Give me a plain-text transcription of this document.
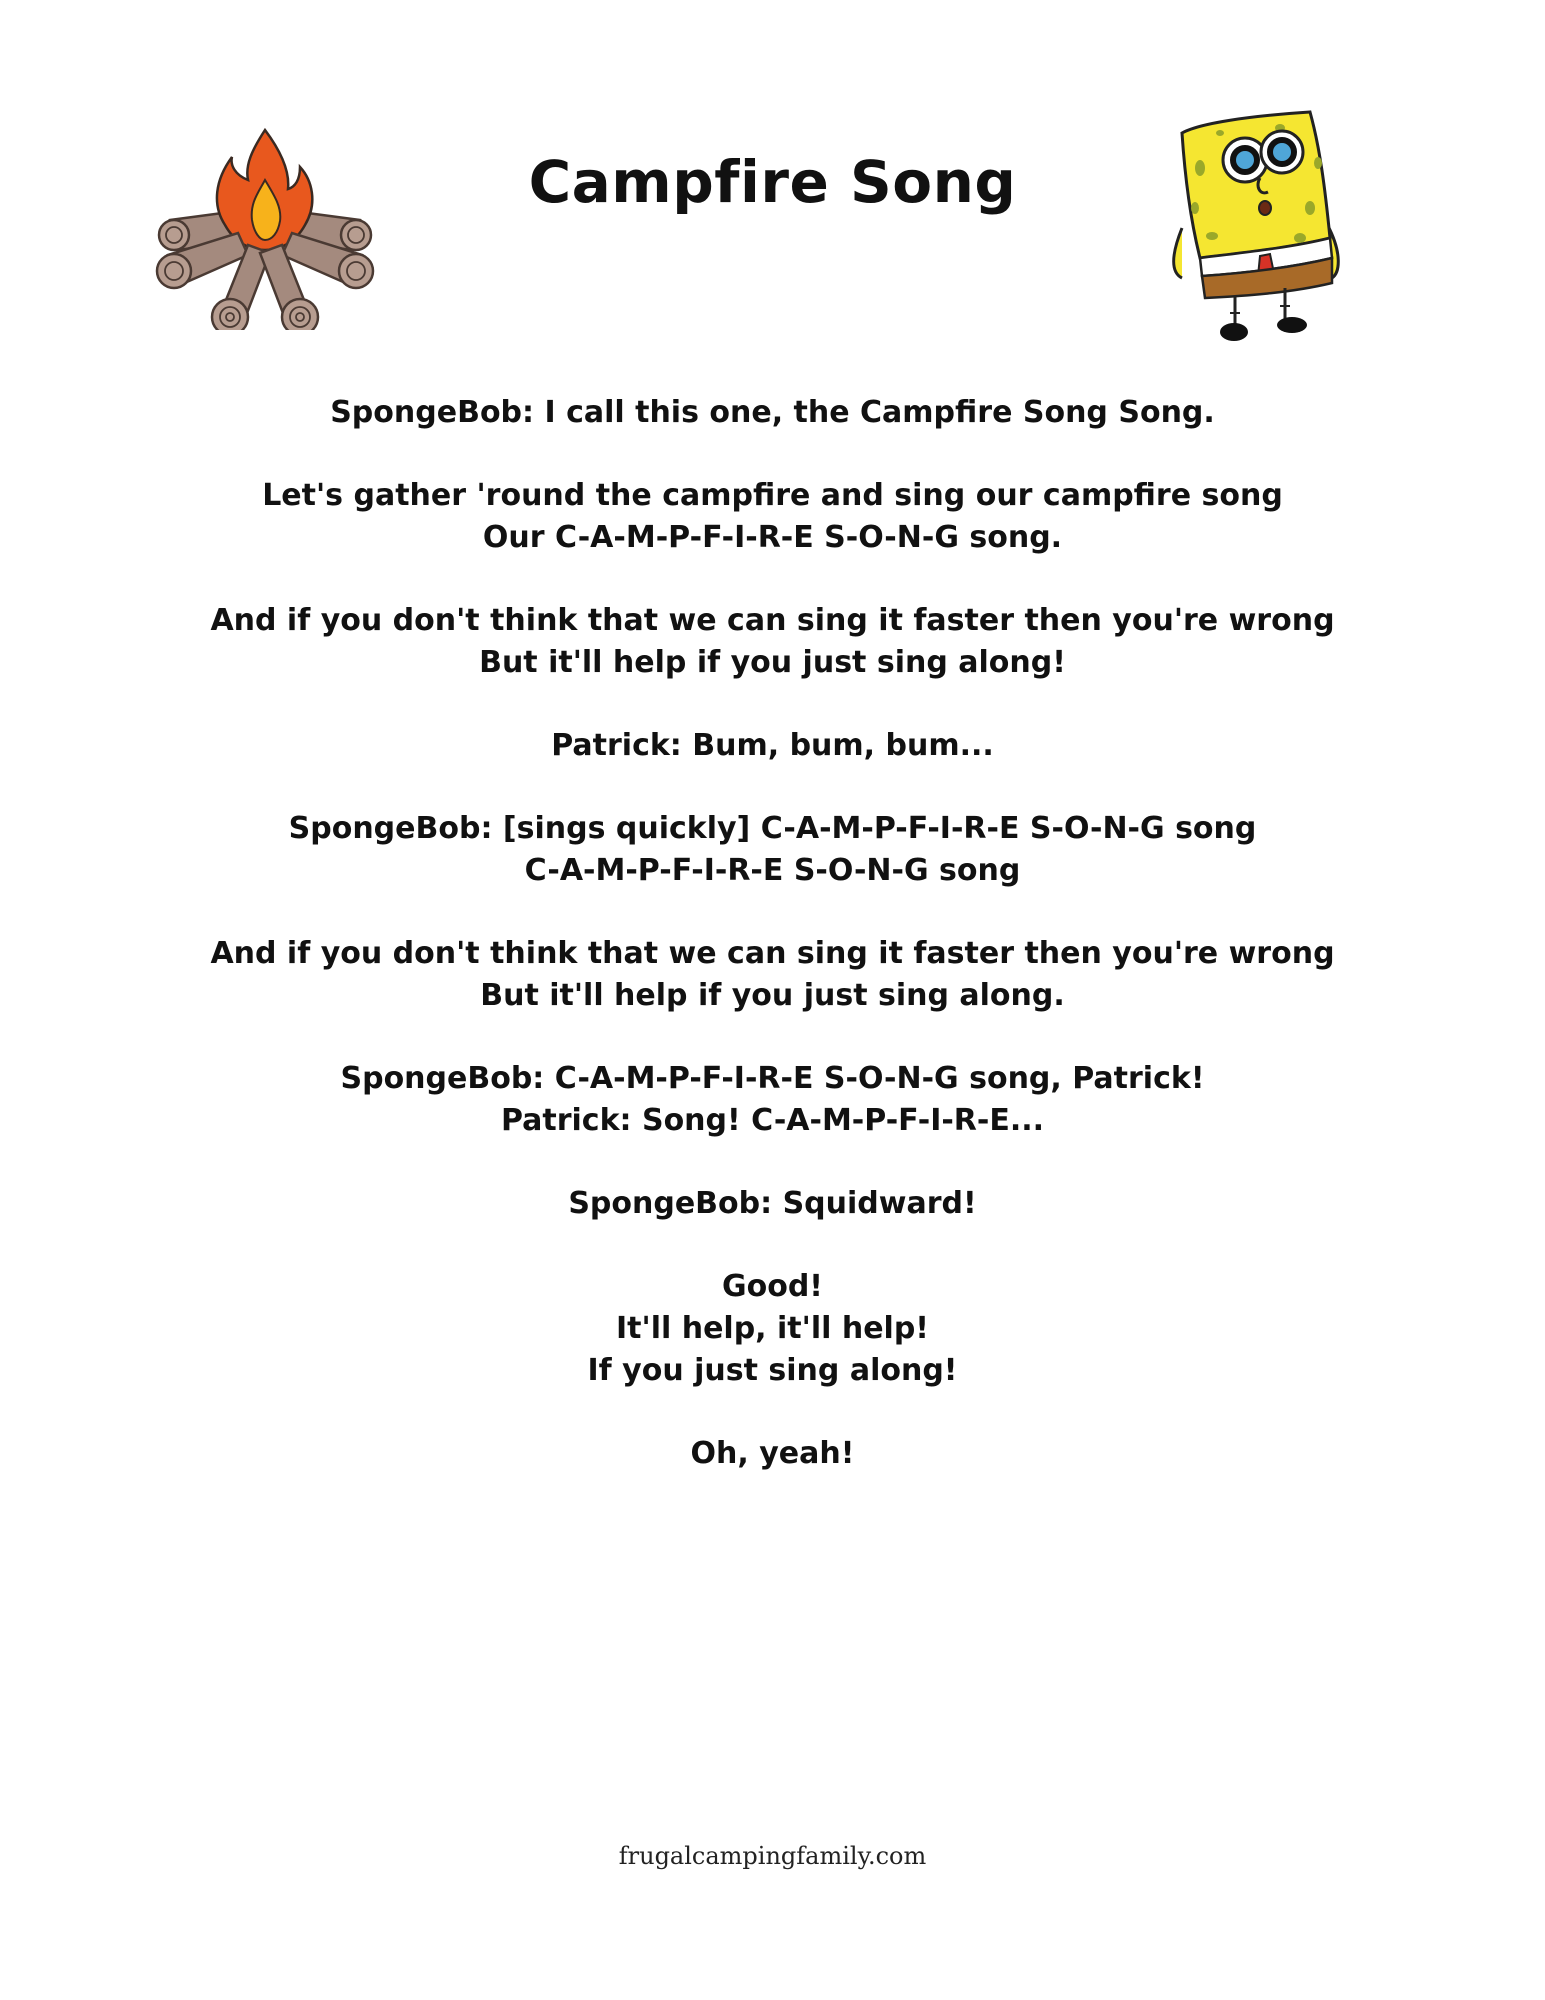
Campfire Song
SpongeBob: I call this one, the Campfire Song Song.
Let's gather 'round the campfire and sing our campfire song
Our C-A-M-P-F-I-R-E S-O-N-G song.
And if you don't think that we can sing it faster then you're wrong
But it'll help if you just sing along!
Patrick: Bum, bum, bum...
SpongeBob: [sings quickly] C-A-M-P-F-I-R-E S-O-N-G song
C-A-M-P-F-I-R-E S-O-N-G song
And if you don't think that we can sing it faster then you're wrong
But it'll help if you just sing along.
SpongeBob: C-A-M-P-F-I-R-E S-O-N-G song, Patrick!
Patrick: Song! C-A-M-P-F-I-R-E...
SpongeBob: Squidward!
Good!
It'll help, it'll help!
If you just sing along!
Oh, yeah!
frugalcampingfamily.com
